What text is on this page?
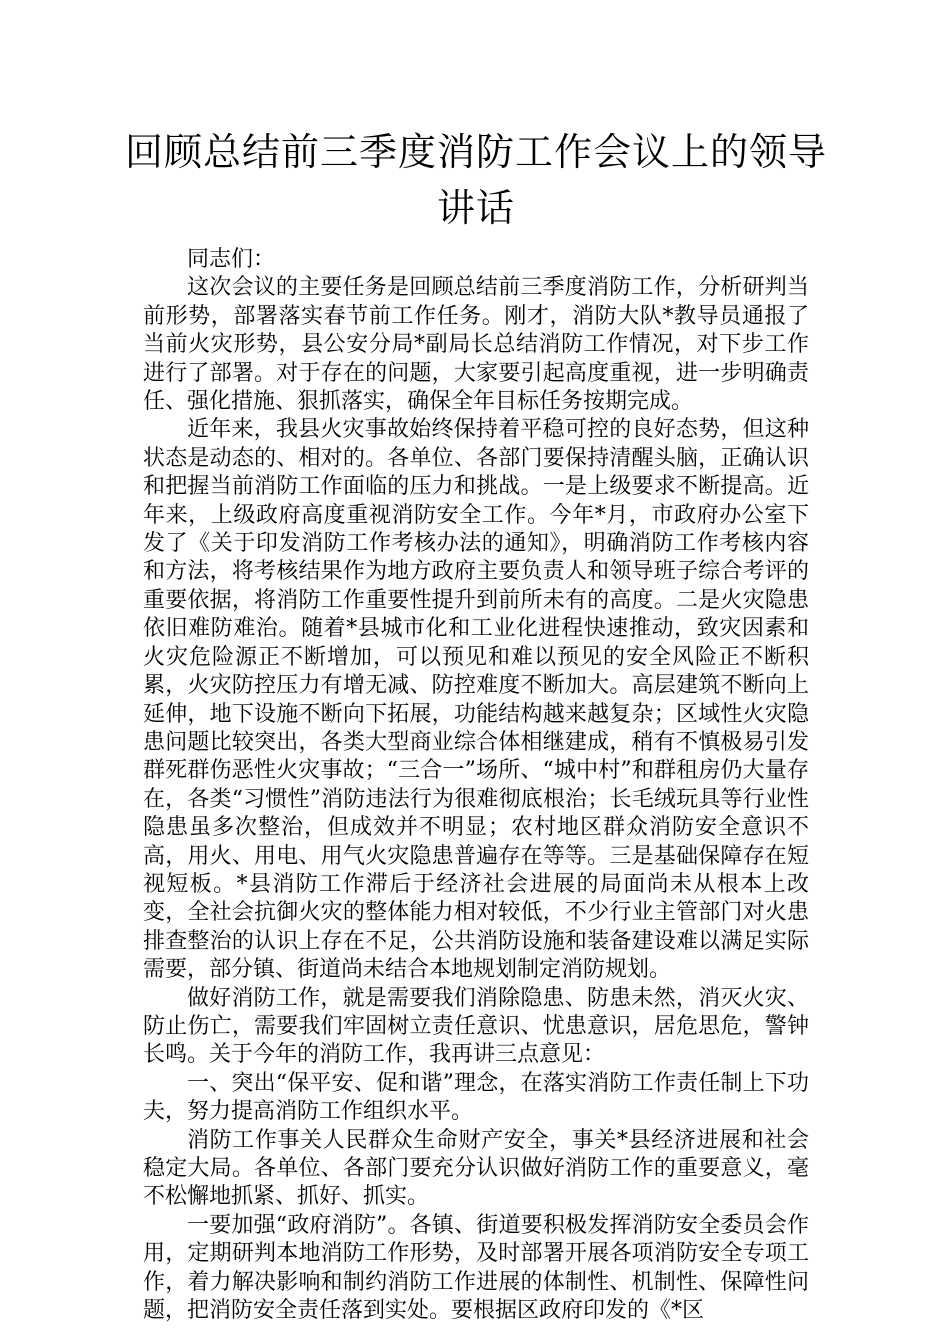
回顾总结前三季度消防工作会议上的领导讲话

同志们：

这次会议的主要任务是回顾总结前三季度消防工作，分析研判当前形势，部署落实春节前工作任务。刚才，消防大队*教导员通报了当前火灾形势，县公安分局*副局长总结消防工作情况，对下步工作进行了部署。对于存在的问题，大家要引起高度重视，进一步明确责任、强化措施、狠抓落实，确保全年目标任务按期完成。

近年来，我县火灾事故始终保持着平稳可控的良好态势，但这种状态是动态的、相对的。各单位、各部门要保持清醒头脑，正确认识和把握当前消防工作面临的压力和挑战。一是上级要求不断提高。近年来，上级政府高度重视消防安全工作。今年*月，市政府办公室下发了《关于印发消防工作考核办法的通知》，明确消防工作考核内容和方法，将考核结果作为地方政府主要负责人和领导班子综合考评的重要依据，将消防工作重要性提升到前所未有的高度。二是火灾隐患依旧难防难治。随着*县城市化和工业化进程快速推动，致灾因素和火灾危险源正不断增加，可以预见和难以预见的安全风险正不断积累，火灾防控压力有增无减、防控难度不断加大。高层建筑不断向上延伸，地下设施不断向下拓展，功能结构越来越复杂；区域性火灾隐患问题比较突出，各类大型商业综合体相继建成，稍有不慎极易引发群死群伤恶性火灾事故；“三合一”场所、“城中村”和群租房仍大量存在，各类“习惯性”消防违法行为很难彻底根治；长毛绒玩具等行业性隐患虽多次整治，但成效并不明显；农村地区群众消防安全意识不高，用火、用电、用气火灾隐患普遍存在等等。三是基础保障存在短视短板。*县消防工作滞后于经济社会进展的局面尚未从根本上改变，全社会抗御火灾的整体能力相对较低，不少行业主管部门对火患排查整治的认识上存在不足，公共消防设施和装备建设难以满足实际需要，部分镇、街道尚未结合本地规划制定消防规划。

做好消防工作，就是需要我们消除隐患、防患未然，消灭火灾、防止伤亡，需要我们牢固树立责任意识、忧患意识，居危思危，警钟长鸣。关于今年的消防工作，我再讲三点意见：

一、突出“保平安、促和谐”理念，在落实消防工作责任制上下功夫，努力提高消防工作组织水平。

消防工作事关人民群众生命财产安全，事关*县经济进展和社会稳定大局。各单位、各部门要充分认识做好消防工作的重要意义，毫不松懈地抓紧、抓好、抓实。

一要加强“政府消防”。各镇、街道要积极发挥消防安全委员会作用，定期研判本地消防工作形势，及时部署开展各项消防安全专项工作，着力解决影响和制约消防工作进展的体制性、机制性、保障性问题，把消防安全责任落到实处。要根据区政府印发的《*区
